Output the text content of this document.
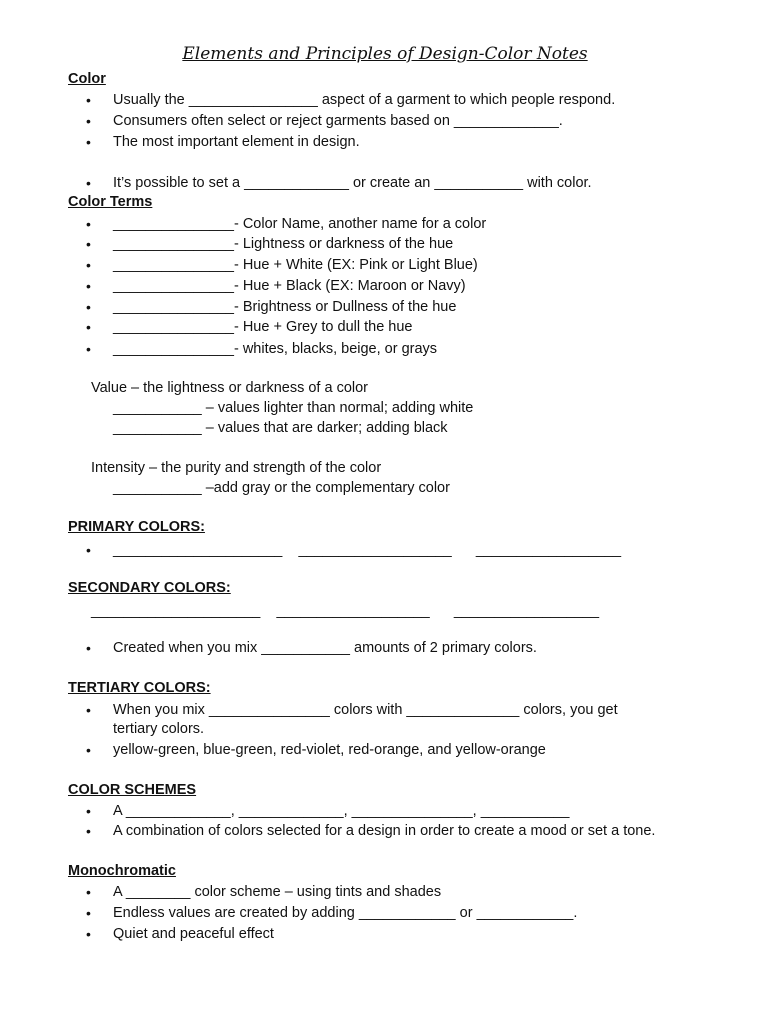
Elements and Principles of Design-Color Notes
Color
• Usually the ________________ aspect of a garment to which people respond.
• Consumers often select or reject garments based on _____________.
• The most important element in design.
• It’s possible to set a _____________ or create an ___________ with color.
Color Terms
• _______________- Color Name, another name for a color
• _______________- Lightness or darkness of the hue
• _______________- Hue + White (EX: Pink or Light Blue)
• _______________- Hue + Black (EX: Maroon or Navy)
• _______________- Brightness or Dullness of the hue
• _______________- Hue + Grey to dull the hue
• _______________- whites, blacks, beige, or grays
Value – the lightness or darkness of a color
___________ – values lighter than normal; adding white
___________ – values that are darker; adding black
Intensity – the purity and strength of the color
___________ –add gray or the complementary color
PRIMARY COLORS:
• _____________________    ___________________      __________________
SECONDARY COLORS:
_____________________    ___________________      __________________
• Created when you mix ___________ amounts of 2 primary colors.
TERTIARY COLORS:
• When you mix _______________ colors with ______________ colors, you get
tertiary colors.
• yellow-green, blue-green, red-violet, red-orange, and yellow-orange
COLOR SCHEMES
• A _____________, _____________, _______________, ___________
• A combination of colors selected for a design in order to create a mood or set a tone.
Monochromatic
• A ________ color scheme – using tints and shades
• Endless values are created by adding ____________ or ____________.
• Quiet and peaceful effect
